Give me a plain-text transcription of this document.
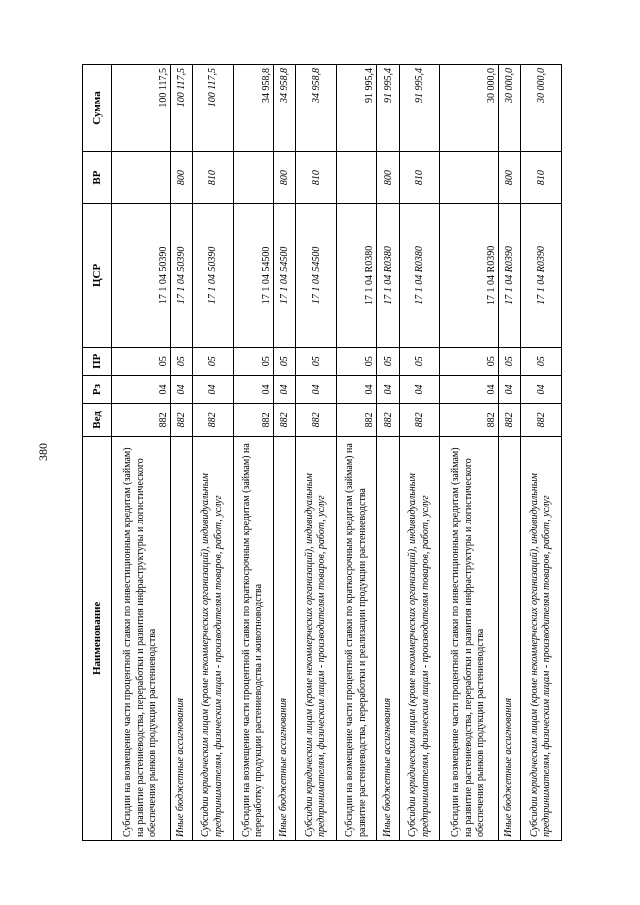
380
Наименование	Вед	Рз	ПР	ЦСР	ВР	Сумма
Субсидии на возмещение части процентной ставки по инвестиционным кредитам (займам) на развитие растениеводства, переработки и развития инфраструктуры и логистического обеспечения рынков продукции растениеводства	882	04	05	17 1 04 50390		100 117,5
Иные бюджетные ассигнования	882	04	05	17 1 04 50390	800	100 117,5
Субсидии юридическим лицам (кроме некоммерческих организаций), индивидуальным предпринимателям, физическим лицам - производителям товаров, работ, услуг	882	04	05	17 1 04 50390	810	100 117,5
Субсидии на возмещение части процентной ставки по краткосрочным кредитам (займам) на переработку продукции растениеводства и животноводства	882	04	05	17 1 04 54500		34 958,8
Иные бюджетные ассигнования	882	04	05	17 1 04 54500	800	34 958,8
Субсидии юридическим лицам (кроме некоммерческих организаций), индивидуальным предпринимателям, физическим лицам - производителям товаров, работ, услуг	882	04	05	17 1 04 54500	810	34 958,8
Субсидии на возмещение части процентной ставки по краткосрочным кредитам (займам) на развитие растениеводства, переработки и реализации продукции растениеводства	882	04	05	17 1 04 R0380		91 995,4
Иные бюджетные ассигнования	882	04	05	17 1 04 R0380	800	91 995,4
Субсидии юридическим лицам (кроме некоммерческих организаций), индивидуальным предпринимателям, физическим лицам - производителям товаров, работ, услуг	882	04	05	17 1 04 R0380	810	91 995,4
Субсидии на возмещение части процентной ставки по инвестиционным кредитам (займам) на развитие растениеводства, переработки и развития инфраструктуры и логистического обеспечения рынков продукции растениеводства	882	04	05	17 1 04 R0390		30 000,0
Иные бюджетные ассигнования	882	04	05	17 1 04 R0390	800	30 000,0
Субсидии юридическим лицам (кроме некоммерческих организаций), индивидуальным предпринимателям, физическим лицам - производителям товаров, работ, услуг	882	04	05	17 1 04 R0390	810	30 000,0
